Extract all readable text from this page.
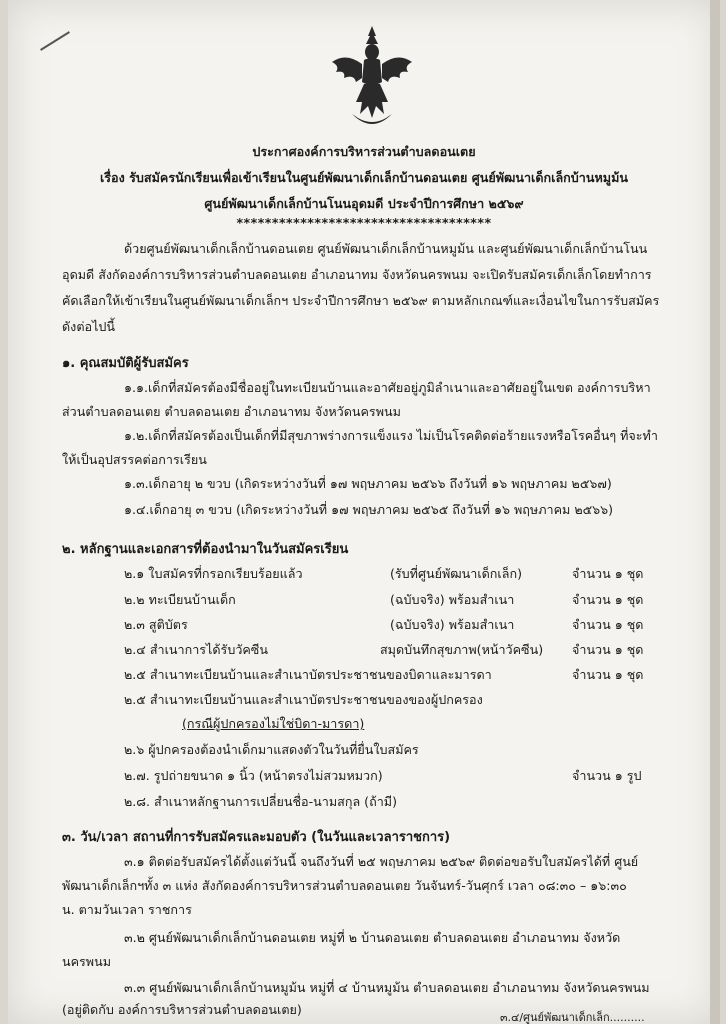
ประกาศองค์การบริหารส่วนตำบลดอนเตย
เรื่อง รับสมัครนักเรียนเพื่อเข้าเรียนในศูนย์พัฒนาเด็กเล็กบ้านดอนเตย ศูนย์พัฒนาเด็กเล็กบ้านหมูม้น
ศูนย์พัฒนาเด็กเล็กบ้านโนนอุดมดี ประจำปีการศึกษา ๒๕๖๙
************************************
ด้วยศูนย์พัฒนาเด็กเล็กบ้านดอนเตย ศูนย์พัฒนาเด็กเล็กบ้านหมูม้น และศูนย์พัฒนาเด็กเล็กบ้านโนน
อุดมดี สังกัดองค์การบริหารส่วนตำบลดอนเตย อำเภอนาทม จังหวัดนครพนม จะเปิดรับสมัครเด็กเล็กโดยทำการ
คัดเลือกให้เข้าเรียนในศูนย์พัฒนาเด็กเล็กฯ ประจำปีการศึกษา ๒๕๖๙ ตามหลักเกณฑ์และเงื่อนไขในการรับสมัคร
ดังต่อไปนี้
๑. คุณสมบัติผู้รับสมัคร
๑.๑.เด็กที่สมัครต้องมีชื่ออยู่ในทะเบียนบ้านและอาศัยอยู่ภูมิลำเนาและอาศัยอยู่ในเขต องค์การบริหา
ส่วนตำบลดอนเตย ตำบลดอนเตย อำเภอนาทม จังหวัดนครพนม
๑.๒.เด็กที่สมัครต้องเป็นเด็กที่มีสุขภาพร่างการแข็งแรง ไม่เป็นโรคติดต่อร้ายแรงหรือโรคอื่นๆ ที่จะทำ
ให้เป็นอุปสรรคต่อการเรียน
๑.๓.เด็กอายุ ๒ ขวบ (เกิดระหว่างวันที่ ๑๗ พฤษภาคม ๒๕๖๖ ถึงวันที่ ๑๖ พฤษภาคม ๒๕๖๗)
๑.๔.เด็กอายุ ๓ ขวบ (เกิดระหว่างวันที่ ๑๗ พฤษภาคม ๒๕๖๕ ถึงวันที่ ๑๖ พฤษภาคม ๒๕๖๖)
๒. หลักฐานและเอกสารที่ต้องนำมาในวันสมัครเรียน
๒.๑ ใบสมัครที่กรอกเรียบร้อยแล้ว	(รับที่ศูนย์พัฒนาเด็กเล็ก)	จำนวน ๑ ชุด
๒.๒ ทะเบียนบ้านเด็ก	(ฉบับจริง) พร้อมสำเนา	จำนวน ๑ ชุด
๒.๓ สูติบัตร	(ฉบับจริง) พร้อมสำเนา	จำนวน ๑ ชุด
๒.๔ สำเนาการได้รับวัคซีน	สมุดบันทึกสุขภาพ(หน้าวัคซีน) จำนวน ๑ ชุด
๒.๕ สำเนาทะเบียนบ้านและสำเนาบัตรประชาชนของบิดาและมารดา	จำนวน ๑ ชุด
๒.๕ สำเนาทะเบียนบ้านและสำเนาบัตรประชาชนของของผู้ปกครอง
(กรณีผู้ปกครองไม่ใช่บิดา-มารดา)
๒.๖ ผู้ปกครองต้องนำเด็กมาแสดงตัวในวันที่ยื่นใบสมัคร
๒.๗. รูปถ่ายขนาด ๑ นิ้ว (หน้าตรงไม่สวมหมวก)	จำนวน ๑ รูป
๒.๘. สำเนาหลักฐานการเปลี่ยนชื่อ-นามสกุล (ถ้ามี)
๓. วัน/เวลา สถานที่การรับสมัครและมอบตัว (ในวันและเวลาราชการ)
๓.๑ ติดต่อรับสมัครได้ตั้งแต่วันนี้ จนถึงวันที่ ๒๕ พฤษภาคม ๒๕๖๙ ติดต่อขอรับใบสมัครได้ที่ ศูนย์
พัฒนาเด็กเล็กฯทั้ง ๓ แห่ง สังกัดองค์การบริหารส่วนตำบลดอนเตย วันจันทร์-วันศุกร์ เวลา ๐๘:๓๐ – ๑๖:๓๐
น. ตามวันเวลา ราชการ
๓.๒ ศูนย์พัฒนาเด็กเล็กบ้านดอนเตย หมู่ที่ ๒ บ้านดอนเตย ตำบลดอนเตย อำเภอนาทม จังหวัด
นครพนม
๓.๓ ศูนย์พัฒนาเด็กเล็กบ้านหมูม้น หมู่ที่ ๔ บ้านหมูม้น ตำบลดอนเตย อำเภอนาทม จังหวัดนครพนม
(อยู่ติดกับ องค์การบริหารส่วนตำบลดอนเตย)
๓.๔/ศูนย์พัฒนาเด็กเล็ก..........
